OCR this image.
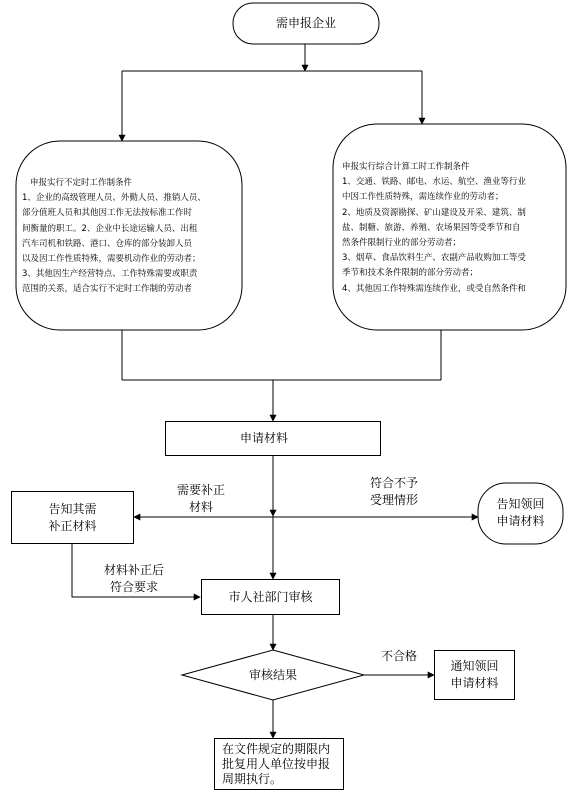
需申报企业
申报实行不定时工作制条件
1、企业的高级管理人员、外勤人员、推销人员、
部分值班人员和其他因工作无法按标准工作时
间衡量的职工。2、企业中长途运输人员、出租
汽车司机和铁路、港口、仓库的部分装卸人员
以及因工作性质特殊，需要机动作业的劳动者；
3、其他因生产经营特点、工作特殊需要或职责
范围的关系，适合实行不定时工作制的劳动者
申报实行综合计算工时工作制条件
1、交通、铁路、邮电、水运、航空、渔业等行业
中因工作性质特殊，需连续作业的劳动者；
2、地质及资源勘探、矿山建设及开采、建筑、制
盐、制糖、旅游、养殖、农场果园等受季节和自
然条件限制行业的部分劳动者；
3、烟草、食品饮料生产、农副产品收购加工等受
季节和技术条件限制的部分劳动者；
4、其他因工作特殊需连续作业，或受自然条件和
申请材料
告知其需
补正材料
告知领回
申请材料
市人社部门审核
审核结果
通知领回
申请材料
在文件规定的期限内
批复用人单位按申报
周期执行。
需要补正
材料
符合不予
受理情形
材料补正后
符合要求
不合格
